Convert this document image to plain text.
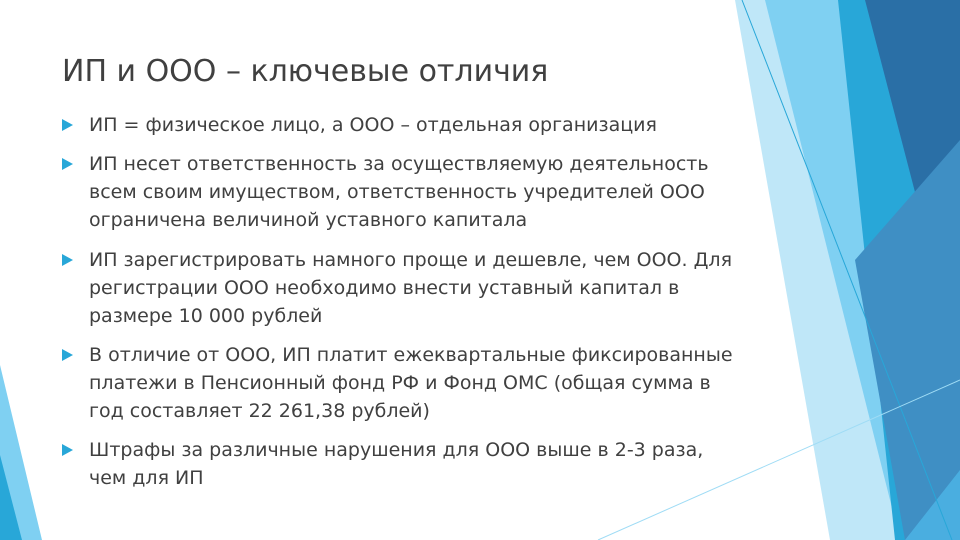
ИП и ООО – ключевые отличия
ИП = физическое лицо, а ООО – отдельная организация
ИП несет ответственность за осуществляемую деятельность всем своим имуществом, ответственность учредителей ООО ограничена величиной уставного капитала
ИП зарегистрировать намного проще и дешевле, чем ООО. Для регистрации ООО необходимо внести уставный капитал в размере 10 000 рублей
В отличие от ООО, ИП платит ежеквартальные фиксированные платежи в Пенсионный фонд РФ и Фонд ОМС (общая сумма в год составляет 22 261,38 рублей)
Штрафы за различные нарушения для ООО выше в 2-3 раза, чем для ИП
